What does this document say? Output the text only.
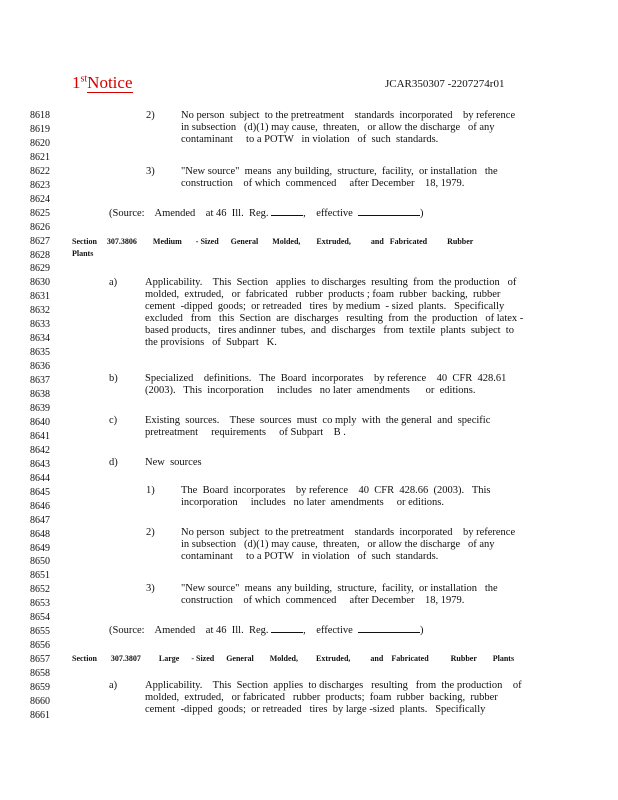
1stNotice	JCAR350307 -2207274r01
8618
8619
8620
8621
8622
8623
8624
8625
8626
8627
8628
8629
8630
8631
8632
8633
8634
8635
8636
8637
8638
8639
8640
8641
8642
8643
8644
8645
8646
8647
8648
8649
8650
8651
8652
8653
8654
8655
8656
8657
8658
8659
8660
8661
2)	No person  subject  to the pretreatment    standards  incorporated    by reference
in subsection   (d)(1) may cause,  threaten,   or allow the discharge   of any
contaminant     to a POTW   in violation   of  such  standards.
3)	"New source"  means  any building,  structure,  facility,  or installation   the
construction    of which  commenced     after December    18, 1979.
(Source:    Amended    at 46  Ill.  Reg.	,    effective	)
Section     307.3806        Medium       - Sized      General       Molded,        Extruded,          and   Fabricated          Rubber
Plants
a)	Applicability.    This  Section   applies  to discharges  resulting  from  the production   of
molded,  extruded,   or  fabricated   rubber  products ; foam  rubber  backing,  rubber
cement  -dipped  goods;  or retreaded   tires  by medium  - sized  plants.   Specifically
excluded   from   this  Section  are  discharges   resulting  from  the  production   of latex -
based products,   tires andinner  tubes,  and  discharges   from  textile  plants  subject  to
the provisions   of  Subpart   K.
b)	Specialized    definitions.   The  Board  incorporates    by reference    40  CFR  428.61
(2003).   This  incorporation     includes   no later  amendments      or  editions.
c)	Existing  sources.    These  sources  must  co mply  with  the general  and  specific
pretreatment     requirements     of Subpart    B .
d)	New  sources
1)	The  Board  incorporates    by reference    40  CFR  428.66  (2003).   This
incorporation     includes   no later  amendments     or editions.
2)	No person  subject  to the pretreatment    standards  incorporated    by reference
in subsection   (d)(1) may cause,  threaten,   or allow the discharge   of any
contaminant     to a POTW   in violation   of  such  standards.
3)	"New source"  means  any building,  structure,  facility,  or installation   the
construction    of which  commenced     after December    18, 1979.
(Source:    Amended    at 46  Ill.  Reg.	,    effective	)
Section       307.3807         Large      - Sized      General        Molded,         Extruded,          and    Fabricated           Rubber        Plants
a)	Applicability.    This  Section  applies  to discharges   resulting   from  the production    of
molded,  extruded,   or fabricated   rubber  products;  foam  rubber  backing,  rubber
cement  -dipped  goods;  or retreaded   tires  by large -sized  plants.   Specifically
